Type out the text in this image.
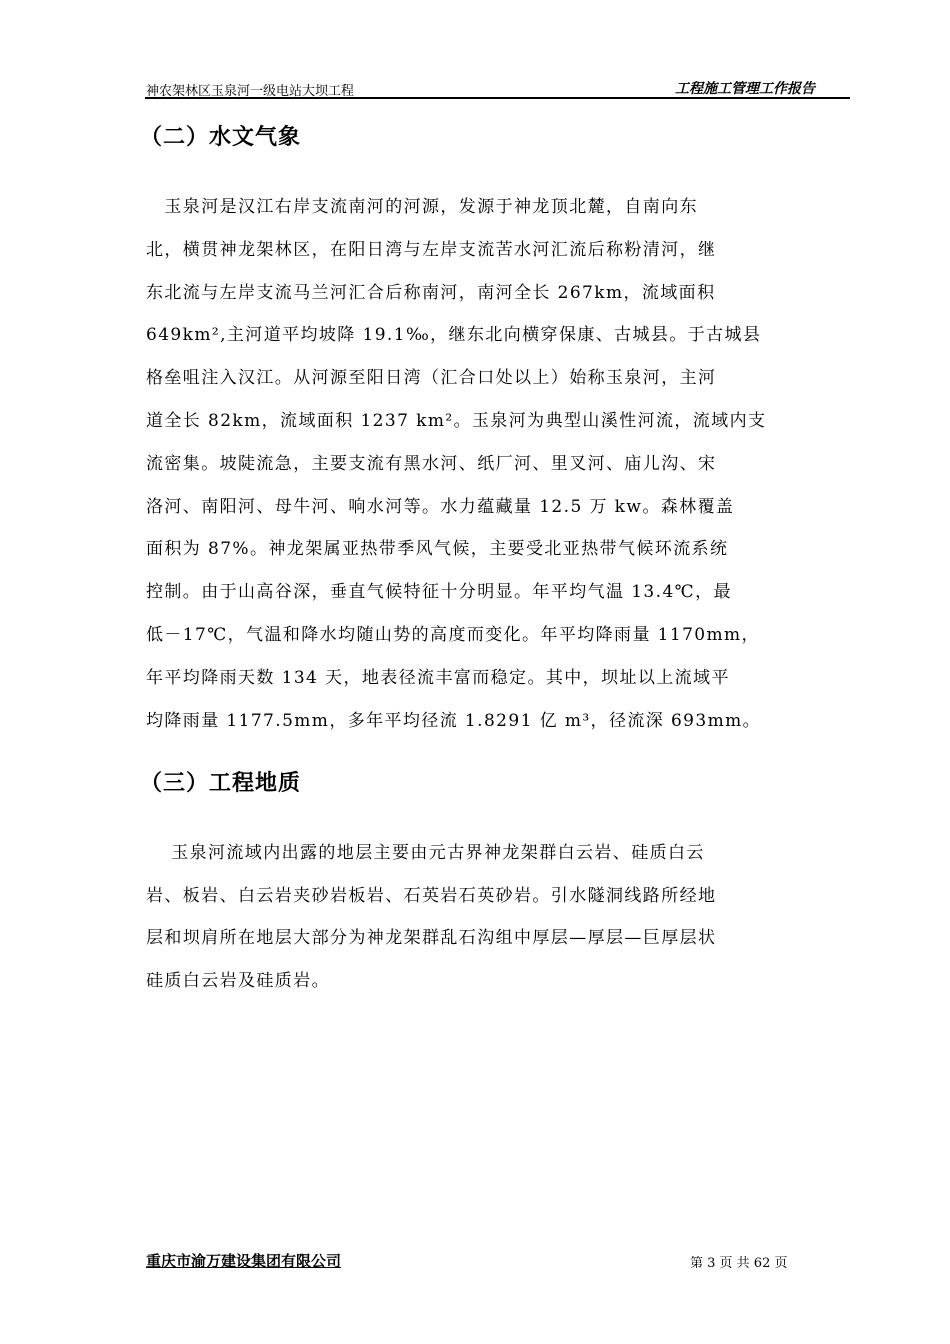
神农架林区玉泉河一级电站大坝工程	工程施工管理工作报告
（二）水文气象
　玉泉河是汉江右岸支流南河的河源，发源于神龙顶北麓，自南向东
北，横贯神龙架林区，在阳日湾与左岸支流苦水河汇流后称粉清河，继
东北流与左岸支流马兰河汇合后称南河，南河全长 267km，流域面积
649km²,主河道平均坡降 19.1‰，继东北向横穿保康、古城县。于古城县
格垒咀注入汉江。从河源至阳日湾（汇合口处以上）始称玉泉河，主河
道全长 82km，流域面积 1237 km²。玉泉河为典型山溪性河流，流域内支
流密集。坡陡流急，主要支流有黑水河、纸厂河、里叉河、庙儿沟、宋
洛河、南阳河、母牛河、响水河等。水力蕴藏量 12.5 万 kw。森林覆盖
面积为 87%。神龙架属亚热带季风气候，主要受北亚热带气候环流系统
控制。由于山高谷深，垂直气候特征十分明显。年平均气温 13.4℃，最
低－17℃，气温和降水均随山势的高度而变化。年平均降雨量 1170mm，
年平均降雨天数 134 天，地表径流丰富而稳定。其中，坝址以上流域平
均降雨量 1177.5mm，多年平均径流 1.8291 亿 m³，径流深 693mm。
（三）工程地质
　 玉泉河流域内出露的地层主要由元古界神龙架群白云岩、硅质白云
岩、板岩、白云岩夹砂岩板岩、石英岩石英砂岩。引水隧洞线路所经地
层和坝肩所在地层大部分为神龙架群乱石沟组中厚层—厚层—巨厚层状
硅质白云岩及硅质岩。
重庆市渝万建设集团有限公司	第 3 页 共 62 页
